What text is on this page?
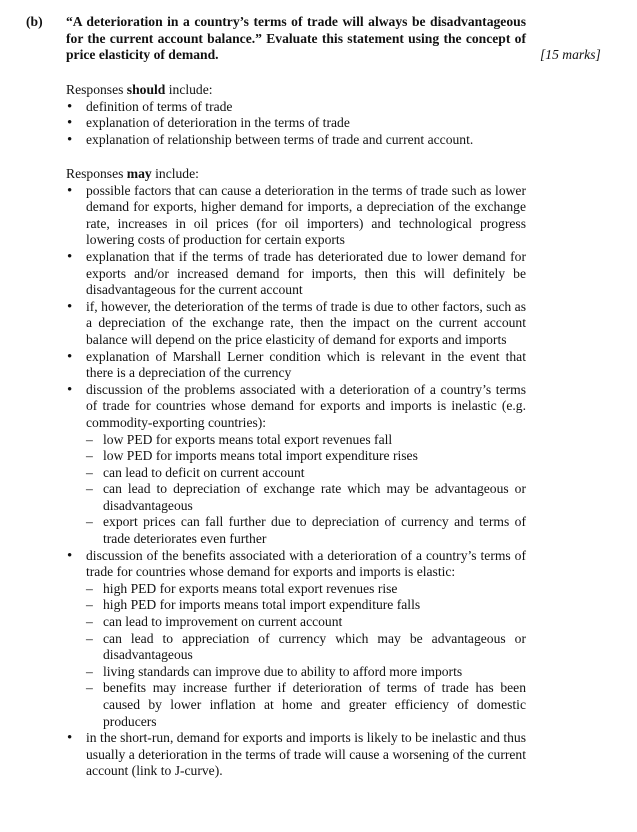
(b) “A deterioration in a country’s terms of trade will always be disadvantageous for the current account balance.” Evaluate this statement using the concept of price elasticity of demand.	[15 marks]

Responses should include:

• definition of terms of trade
• explanation of deterioration in the terms of trade
• explanation of relationship between terms of trade and current account.

Responses may include:

• possible factors that can cause a deterioration in the terms of trade such as lower demand for exports, higher demand for imports, a depreciation of the exchange rate, increases in oil prices (for oil importers) and technological progress lowering costs of production for certain exports
• explanation that if the terms of trade has deteriorated due to lower demand for exports and/or increased demand for imports, then this will definitely be disadvantageous for the current account
• if, however, the deterioration of the terms of trade is due to other factors, such as a depreciation of the exchange rate, then the impact on the current account balance will depend on the price elasticity of demand for exports and imports
• explanation of Marshall Lerner condition which is relevant in the event that there is a depreciation of the currency
• discussion of the problems associated with a deterioration of a country’s terms of trade for countries whose demand for exports and imports is inelastic (e.g. commodity-exporting countries):
– low PED for exports means total export revenues fall
– low PED for imports means total import expenditure rises
– can lead to deficit on current account
– can lead to depreciation of exchange rate which may be advantageous or disadvantageous
– export prices can fall further due to depreciation of currency and terms of trade deteriorates even further
• discussion of the benefits associated with a deterioration of a country’s terms of trade for countries whose demand for exports and imports is elastic:
– high PED for exports means total export revenues rise
– high PED for imports means total import expenditure falls
– can lead to improvement on current account
– can lead to appreciation of currency which may be advantageous or disadvantageous
– living standards can improve due to ability to afford more imports
– benefits may increase further if deterioration of terms of trade has been caused by lower inflation at home and greater efficiency of domestic producers
• in the short-run, demand for exports and imports is likely to be inelastic and thus usually a deterioration in the terms of trade will cause a worsening of the current account (link to J-curve).
